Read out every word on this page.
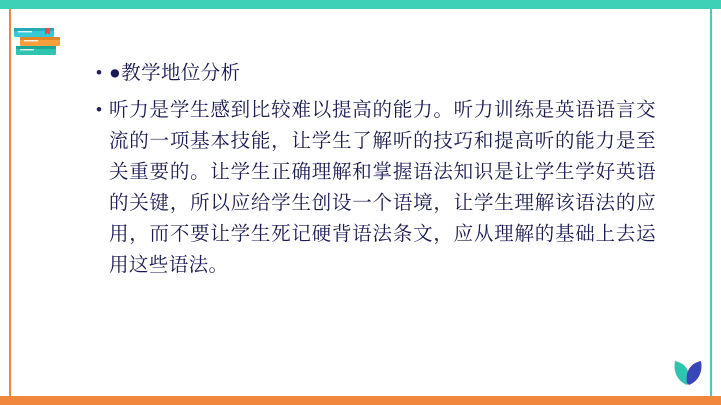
• ●教学地位分析
• 听力是学生感到比较难以提高的能力。听力训练是英语语言交流的一项基本技能，让学生了解听的技巧和提高听的能力是至关重要的。让学生正确理解和掌握语法知识是让学生学好英语的关键，所以应给学生创设一个语境，让学生理解该语法的应用，而不要让学生死记硬背语法条文，应从理解的基础上去运用这些语法。
